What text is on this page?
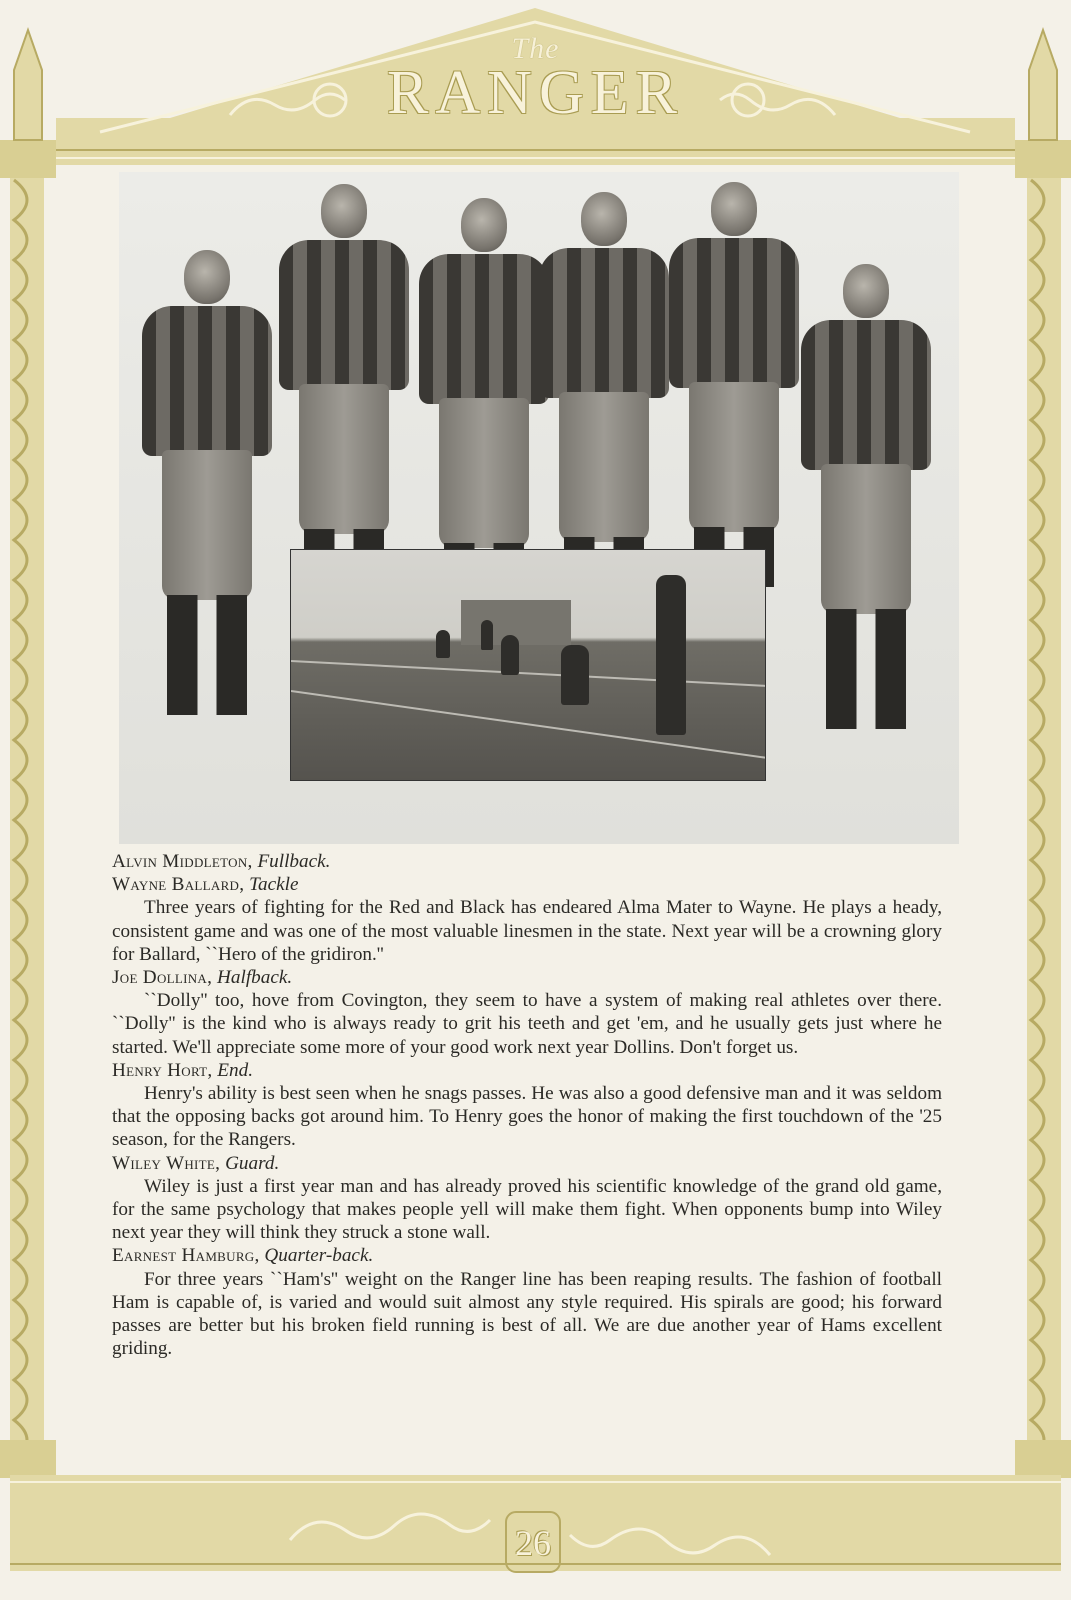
The
RANGER

Alvin Middleton, Fullback.

Wayne Ballard, Tackle

Three years of fighting for the Red and Black has endeared Alma Mater to Wayne. He plays a heady, consistent game and was one of the most valuable linesmen in the state. Next year will be a crowning glory for Ballard, ``Hero of the gridiron.''

Joe Dollina, Halfback.

``Dolly'' too, hove from Covington, they seem to have a system of making real athletes over there. ``Dolly'' is the kind who is always ready to grit his teeth and get 'em, and he usually gets just where he started. We'll appreciate some more of your good work next year Dollins. Don't forget us.

Henry Hort, End.

Henry's ability is best seen when he snags passes. He was also a good defensive man and it was seldom that the opposing backs got around him. To Henry goes the honor of making the first touchdown of the '25 season, for the Rangers.

Wiley White, Guard.

Wiley is just a first year man and has already proved his scientific knowledge of the grand old game, for the same psychology that makes people yell will make them fight. When opponents bump into Wiley next year they will think they struck a stone wall.

Earnest Hamburg, Quarter-back.

For three years ``Ham's'' weight on the Ranger line has been reaping results. The fashion of football Ham is capable of, is varied and would suit almost any style required. His spirals are good; his forward passes are better but his broken field running is best of all. We are due another year of Hams excellent griding.

26
